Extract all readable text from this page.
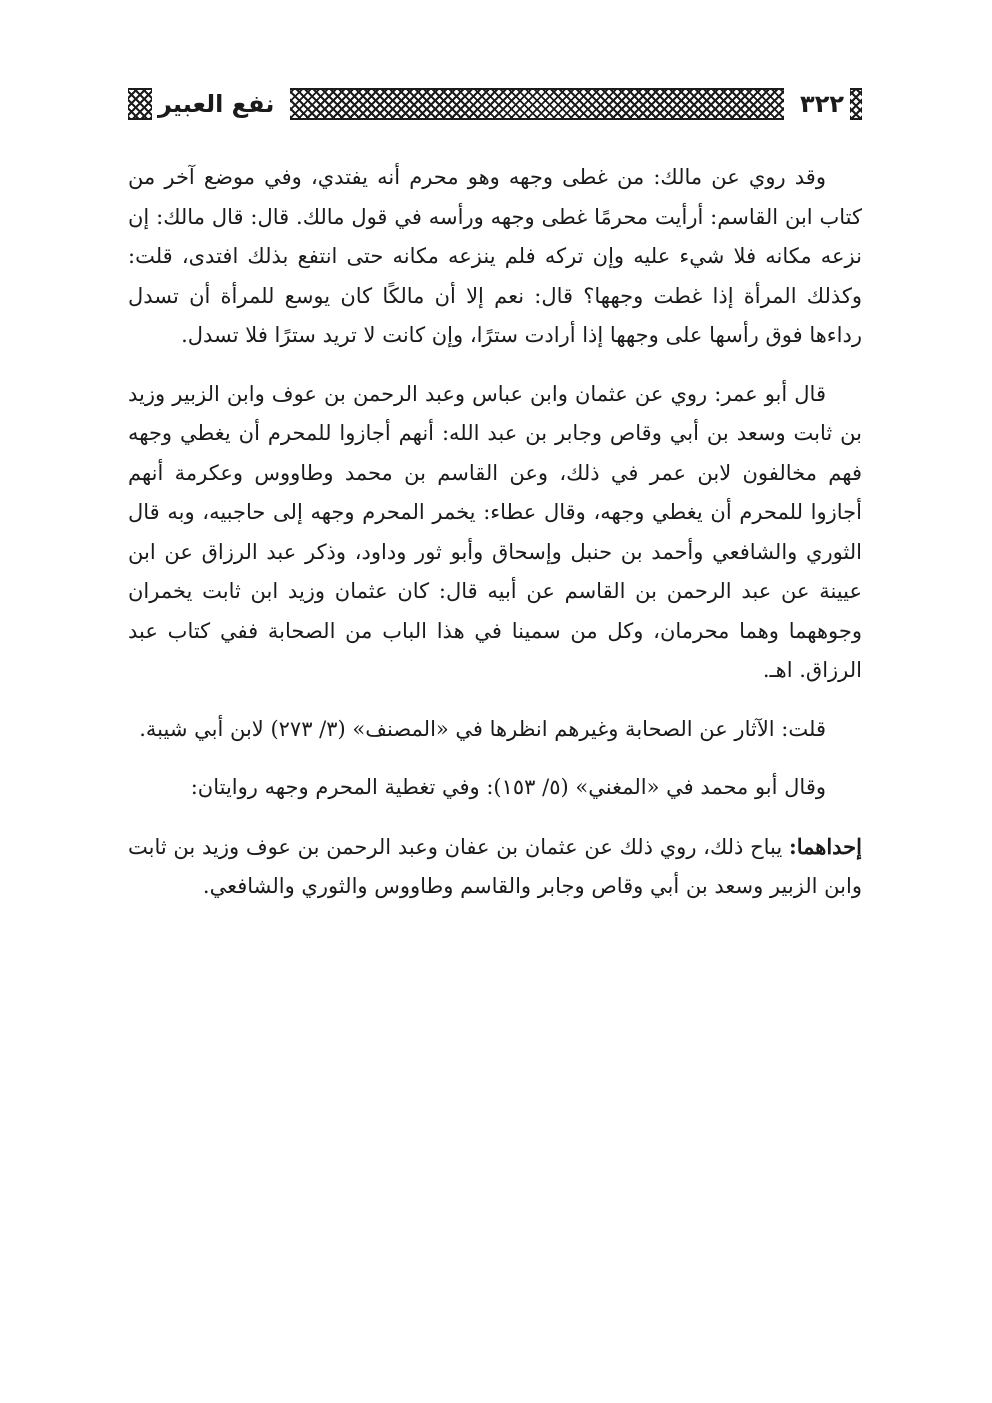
٣٢٢
نفع العبير

وقد روي عن مالك: من غطى وجهه وهو محرم أنه يفتدي، وفي موضع آخر من كتاب ابن القاسم: أرأيت محرمًا غطى وجهه ورأسه في قول مالك. قال: قال مالك: إن نزعه مكانه فلا شيء عليه وإن تركه فلم ينزعه مكانه حتى انتفع بذلك افتدى، قلت: وكذلك المرأة إذا غطت وجهها؟ قال: نعم إلا أن مالكًا كان يوسع للمرأة أن تسدل رداءها فوق رأسها على وجهها إذا أرادت سترًا، وإن كانت لا تريد سترًا فلا تسدل.

قال أبو عمر: روي عن عثمان وابن عباس وعبد الرحمن بن عوف وابن الزبير وزيد بن ثابت وسعد بن أبي وقاص وجابر بن عبد الله: أنهم أجازوا للمحرم أن يغطي وجهه فهم مخالفون لابن عمر في ذلك، وعن القاسم بن محمد وطاووس وعكرمة أنهم أجازوا للمحرم أن يغطي وجهه، وقال عطاء: يخمر المحرم وجهه إلى حاجبيه، وبه قال الثوري والشافعي وأحمد بن حنبل وإسحاق وأبو ثور وداود، وذكر عبد الرزاق عن ابن عيينة عن عبد الرحمن بن القاسم عن أبيه قال: كان عثمان وزيد ابن ثابت يخمران وجوههما وهما محرمان، وكل من سمينا في هذا الباب من الصحابة ففي كتاب عبد الرزاق. اهـ.

قلت: الآثار عن الصحابة وغيرهم انظرها في «المصنف» (٣/ ٢٧٣) لابن أبي شيبة.

وقال أبو محمد في «المغني» (٥/ ١٥٣): وفي تغطية المحرم وجهه روايتان:

إحداهما: يباح ذلك، روي ذلك عن عثمان بن عفان وعبد الرحمن بن عوف وزيد بن ثابت وابن الزبير وسعد بن أبي وقاص وجابر والقاسم وطاووس والثوري والشافعي.
